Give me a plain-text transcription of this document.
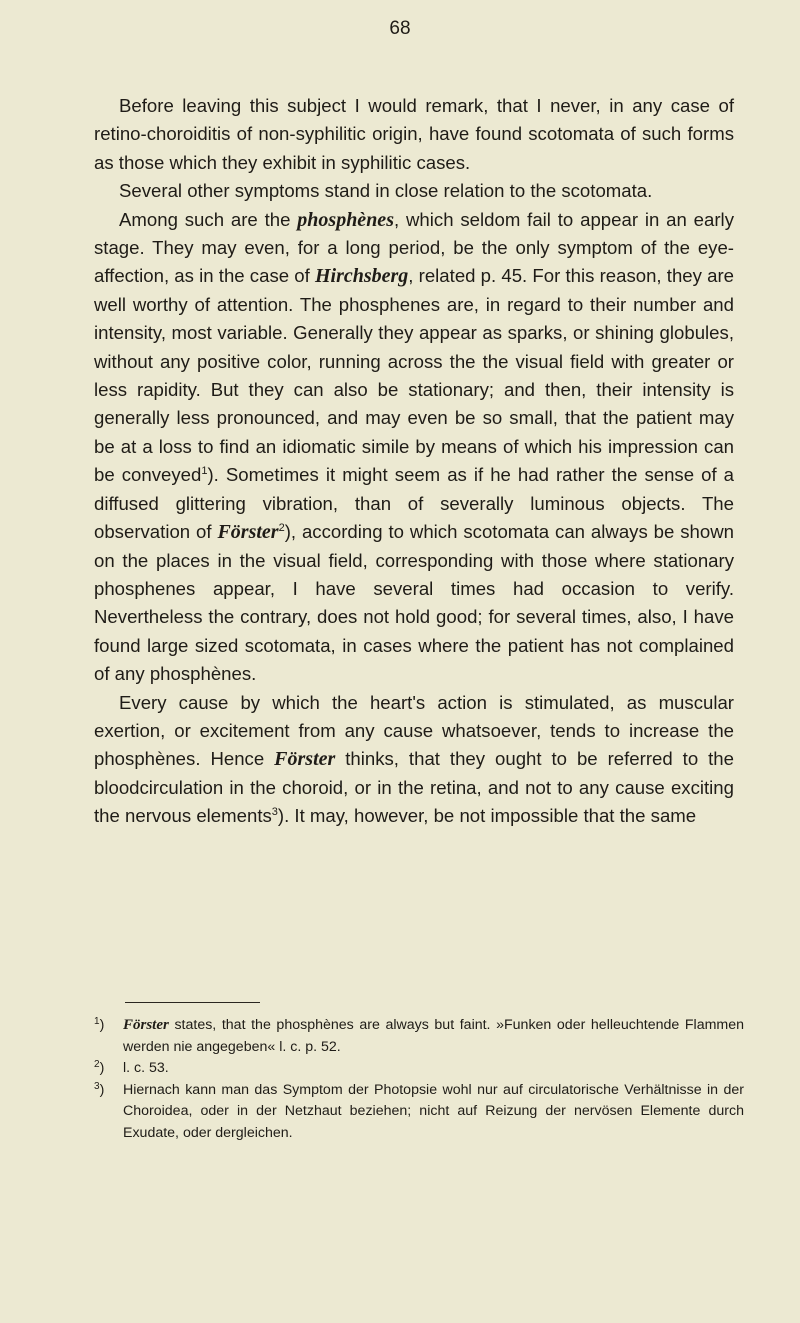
68

Before leaving this subject I would remark, that I never, in any case of retino-choroiditis of non-syphilitic origin, have found scotomata of such forms as those which they exhibit in syphilitic cases.

Several other symptoms stand in close relation to the scotomata.

Among such are the phosphènes, which seldom fail to appear in an early stage. They may even, for a long period, be the only symptom of the eye-affection, as in the case of Hirchsberg, related p. 45. For this reason, they are well worthy of attention. The phosphenes are, in regard to their number and intensity, most variable. Generally they appear as sparks, or shining globules, without any positive color, running across the the visual field with greater or less rapidity. But they can also be stationary; and then, their intensity is generally less pronounced, and may even be so small, that the patient may be at a loss to find an idiomatic simile by means of which his impression can be conveyed$^1$). Sometimes it might seem as if he had rather the sense of a diffused glittering vibration, than of severally luminous objects. The observation of Förster$^2$), according to which scotomata can always be shown on the places in the visual field, corresponding with those where stationary phosphenes appear, I have several times had occasion to verify. Nevertheless the contrary, does not hold good; for several times, also, I have found large sized scotomata, in cases where the patient has not complained of any phosphènes.

Every cause by which the heart's action is stimulated, as muscular exertion, or excitement from any cause whatsoever, tends to increase the phosphènes. Hence Förster thinks, that they ought to be referred to the bloodcirculation in the choroid, or in the retina, and not to any cause exciting the nervous elements$^3$). It may, however, be not impossible that the same

$^1$)	Förster states, that the phosphènes are always but faint. »Funken oder helleuchtende Flammen werden nie angegeben« l. c. p. 52.
$^2$)	l. c. 53.
$^3$)	Hiernach kann man das Symptom der Photopsie wohl nur auf circulatorische Verhältnisse in der Choroidea, oder in der Netzhaut beziehen; nicht auf Reizung der nervösen Elemente durch Exudate, oder dergleichen.
